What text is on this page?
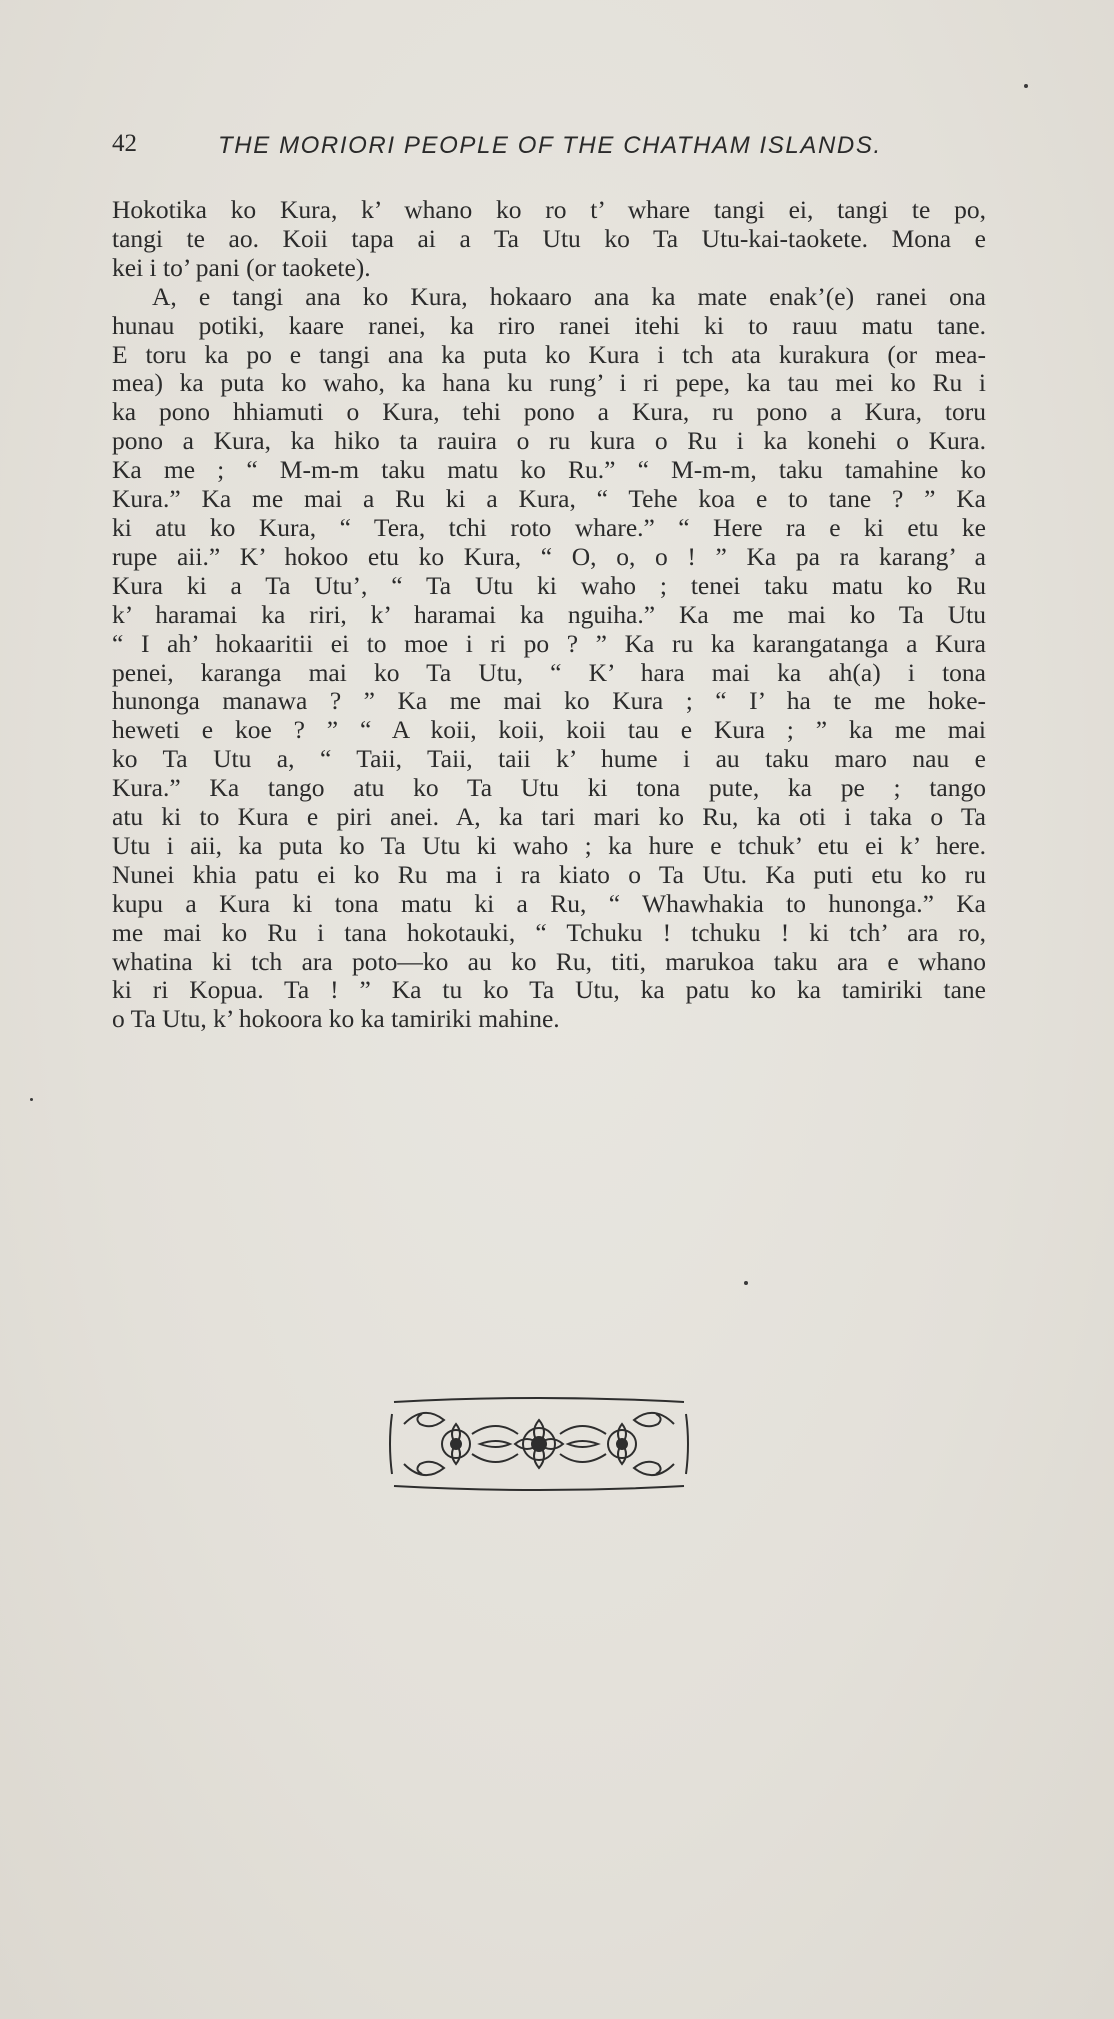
42	THE MORIORI PEOPLE OF THE CHATHAM ISLANDS.
Hokotika ko Kura, k’ whano ko ro t’ whare tangi ei, tangi te po,
tangi te ao. Koii tapa ai a Ta Utu ko Ta Utu-kai-taokete. Mona e
kei i to’ pani (or taokete).
A, e tangi ana ko Kura, hokaaro ana ka mate enak’(e) ranei ona
hunau potiki, kaare ranei, ka riro ranei itehi ki to rauu matu tane.
E toru ka po e tangi ana ka puta ko Kura i tch ata kurakura (or mea-
mea) ka puta ko waho, ka hana ku rung’ i ri pepe, ka tau mei ko Ru i
ka pono hhiamuti o Kura, tehi pono a Kura, ru pono a Kura, toru
pono a Kura, ka hiko ta rauira o ru kura o Ru i ka konehi o Kura.
Ka me ; “ M-m-m taku matu ko Ru.” “ M-m-m, taku tamahine ko
Kura.” Ka me mai a Ru ki a Kura, “ Tehe koa e to tane ? ” Ka
ki atu ko Kura, “ Tera, tchi roto whare.” “ Here ra e ki etu ke
rupe aii.” K’ hokoo etu ko Kura, “ O, o, o ! ” Ka pa ra karang’ a
Kura ki a Ta Utu’, “ Ta Utu ki waho ; tenei taku matu ko Ru
k’ haramai ka riri, k’ haramai ka nguiha.” Ka me mai ko Ta Utu
“ I ah’ hokaaritii ei to moe i ri po ? ” Ka ru ka karangatanga a Kura
penei, karanga mai ko Ta Utu, “ K’ hara mai ka ah(a) i tona
hunonga manawa ? ” Ka me mai ko Kura ; “ I’ ha te me hoke-
heweti e koe ? ” “ A koii, koii, koii tau e Kura ; ” ka me mai
ko Ta Utu a, “ Taii, Taii, taii k’ hume i au taku maro nau e
Kura.” Ka tango atu ko Ta Utu ki tona pute, ka pe ; tango
atu ki to Kura e piri anei. A, ka tari mari ko Ru, ka oti i taka o Ta
Utu i aii, ka puta ko Ta Utu ki waho ; ka hure e tchuk’ etu ei k’ here.
Nunei khia patu ei ko Ru ma i ra kiato o Ta Utu. Ka puti etu ko ru
kupu a Kura ki tona matu ki a Ru, “ Whawhakia to hunonga.” Ka
me mai ko Ru i tana hokotauki, “ Tchuku ! tchuku ! ki tch’ ara ro,
whatina ki tch ara poto—ko au ko Ru, titi, marukoa taku ara e whano
ki ri Kopua. Ta ! ” Ka tu ko Ta Utu, ka patu ko ka tamiriki tane
o Ta Utu, k’ hokoora ko ka tamiriki mahine.
